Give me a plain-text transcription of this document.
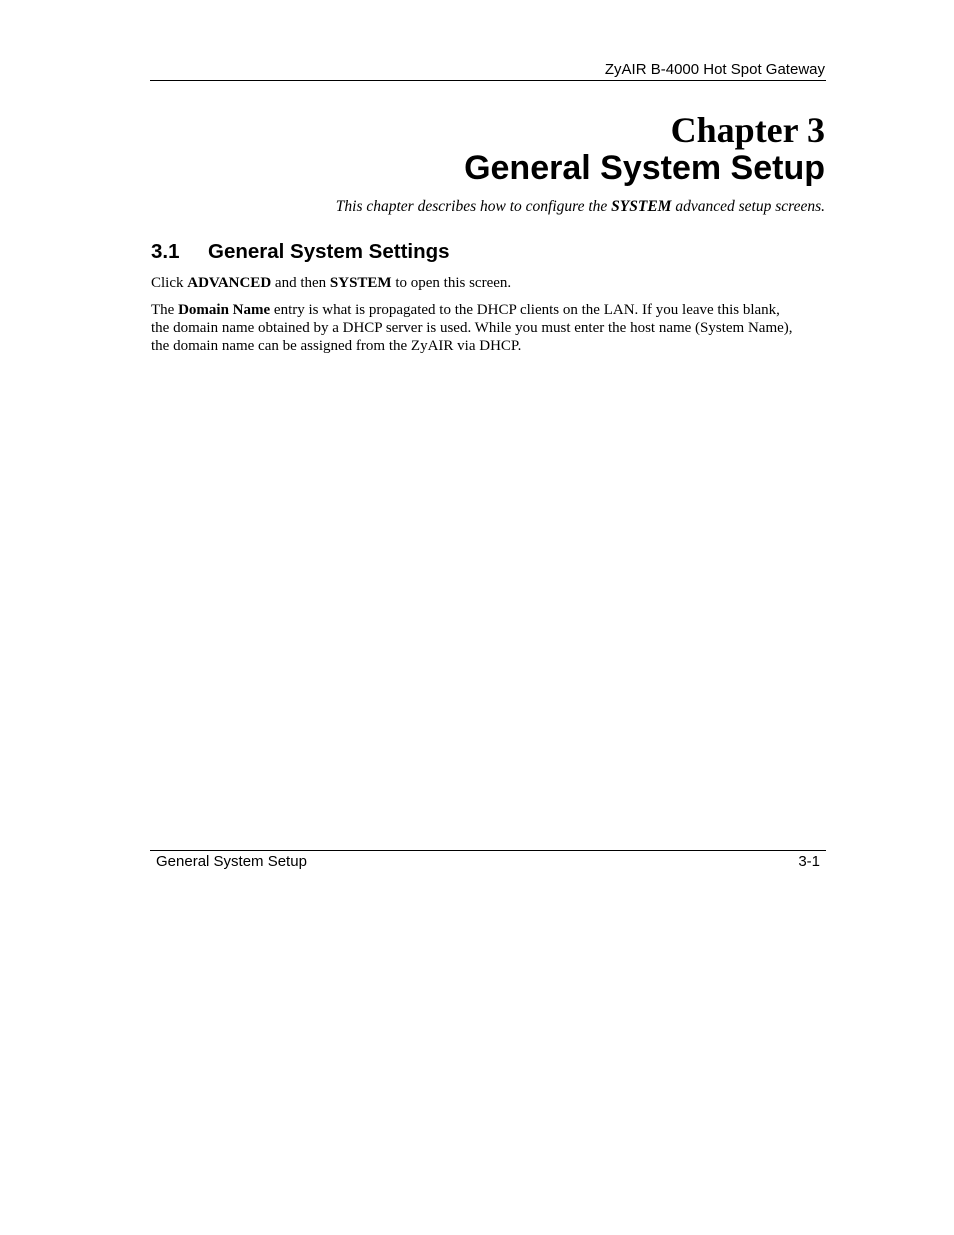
ZyAIR B-4000 Hot Spot Gateway
Chapter 3
General System Setup
This chapter describes how to configure the SYSTEM advanced setup screens.
3.1 General System Settings

Click ADVANCED and then SYSTEM to open this screen.

The Domain Name entry is what is propagated to the DHCP clients on the LAN. If you leave this blank,
the domain name obtained by a DHCP server is used. While you must enter the host name (System Name),
the domain name can be assigned from the ZyAIR via DHCP.

General System Setup	3-1
